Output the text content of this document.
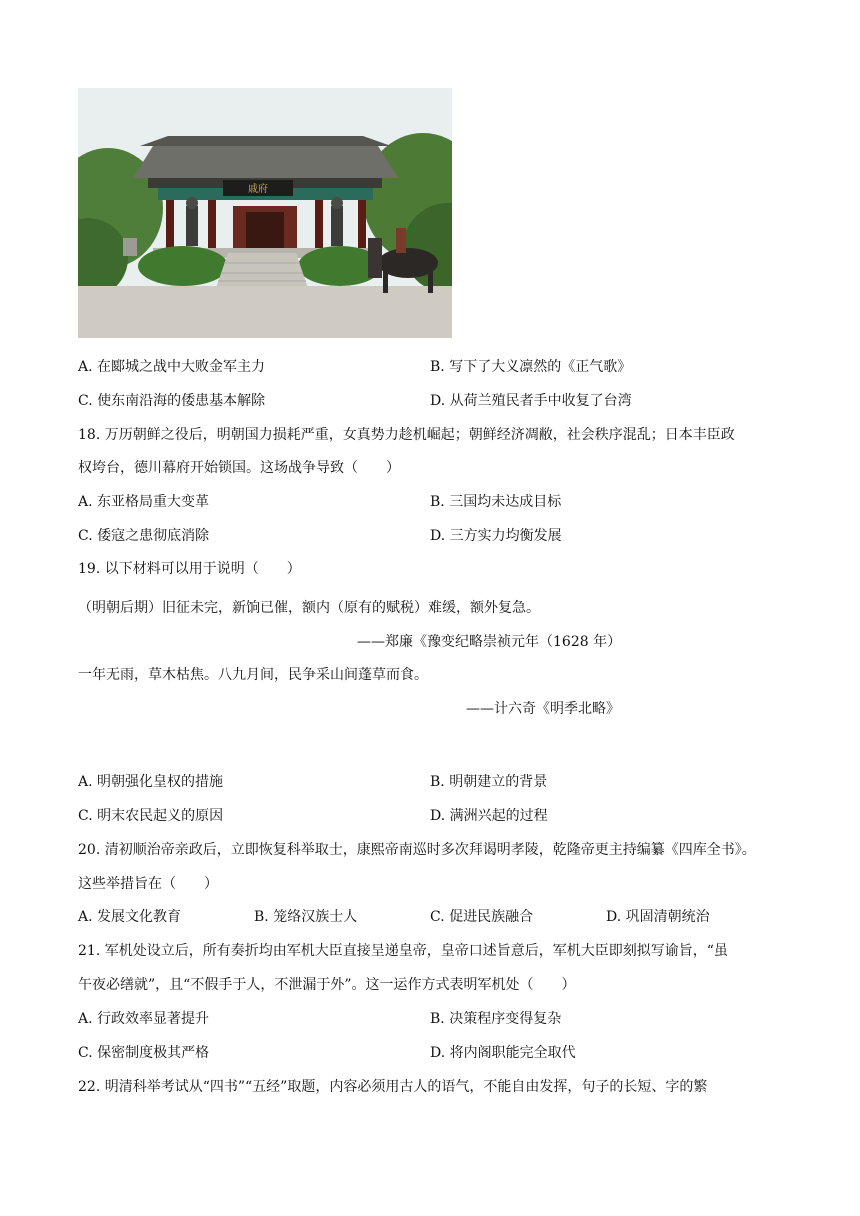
戚府
A. 在郾城之战中大败金军主力	B. 写下了大义凛然的《正气歌》
C. 使东南沿海的倭患基本解除	D. 从荷兰殖民者手中收复了台湾
18. 万历朝鲜之役后，明朝国力损耗严重，女真势力趁机崛起；朝鲜经济凋敝，社会秩序混乱；日本丰臣政
权垮台，德川幕府开始锁国。这场战争导致（　　）
A. 东亚格局重大变革	B. 三国均未达成目标
C. 倭寇之患彻底消除	D. 三方实力均衡发展
19. 以下材料可以用于说明（　　）
（明朝后期）旧征未完，新饷已催，额内（原有的赋税）难缓，额外复急。
——郑廉《豫变纪略崇祯元年（1628 年）
一年无雨，草木枯焦。八九月间，民争采山间蓬草而食。
——计六奇《明季北略》
A. 明朝强化皇权的措施	B. 明朝建立的背景
C. 明末农民起义的原因	D. 满洲兴起的过程
20. 清初顺治帝亲政后，立即恢复科举取士，康熙帝南巡时多次拜谒明孝陵，乾隆帝更主持编纂《四库全书》。
这些举措旨在（　　）
A. 发展文化教育	B. 笼络汉族士人	C. 促进民族融合	D. 巩固清朝统治
21. 军机处设立后，所有奏折均由军机大臣直接呈递皇帝，皇帝口述旨意后，军机大臣即刻拟写谕旨，“虽
午夜必缮就”，且“不假手于人，不泄漏于外”。这一运作方式表明军机处（　　）
A. 行政效率显著提升	B. 决策程序变得复杂
C. 保密制度极其严格	D. 将内阁职能完全取代
22. 明清科举考试从“四书”“五经”取题，内容必须用古人的语气，不能自由发挥，句子的长短、字的繁
